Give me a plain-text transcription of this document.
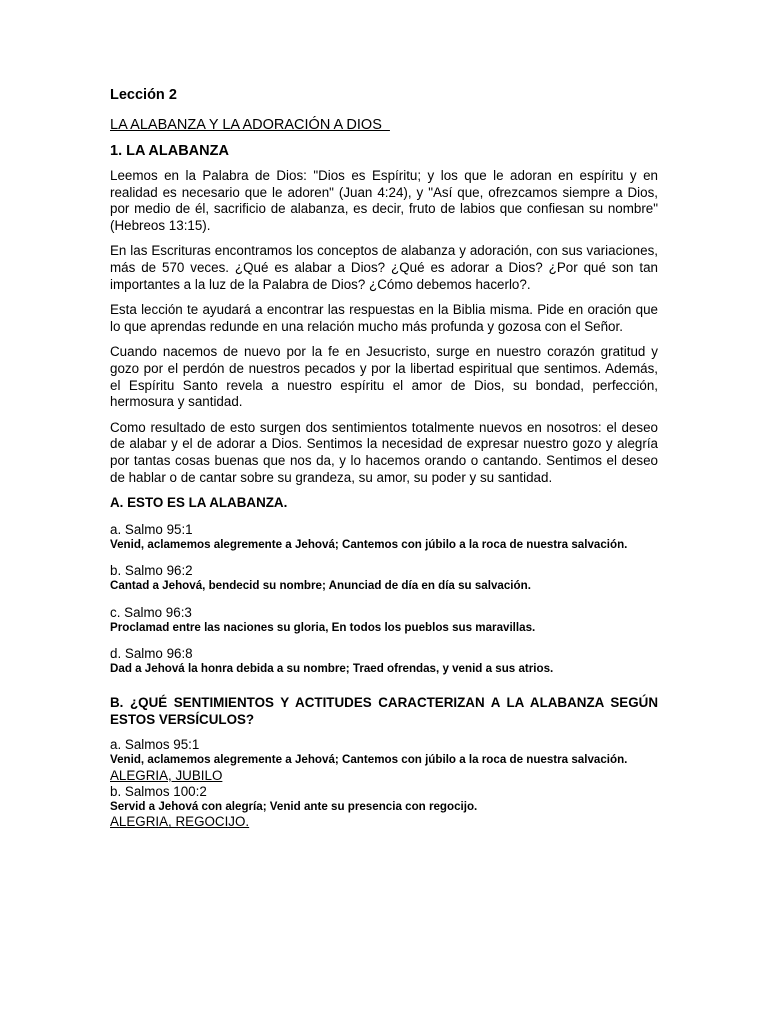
Lección 2
LA ALABANZA Y LA ADORACIÓN A DIOS
1. LA ALABANZA

Leemos en la Palabra de Dios: "Dios es Espíritu; y los que le adoran en espíritu y en realidad es necesario que le adoren" (Juan 4:24), y "Así que, ofrezcamos siempre a Dios, por medio de él, sacrificio de alabanza, es decir, fruto de labios que confiesan su nombre" (Hebreos 13:15).

En las Escrituras encontramos los conceptos de alabanza y adoración, con sus variaciones, más de 570 veces. ¿Qué es alabar a Dios? ¿Qué es adorar a Dios? ¿Por qué son tan importantes a la luz de la Palabra de Dios? ¿Cómo debemos hacerlo?.

Esta lección te ayudará a encontrar las respuestas en la Biblia misma. Pide en oración que lo que aprendas redunde en una relación mucho más profunda y gozosa con el Señor.

Cuando nacemos de nuevo por la fe en Jesucristo, surge en nuestro corazón gratitud y gozo por el perdón de nuestros pecados y por la libertad espiritual que sentimos. Además, el Espíritu Santo revela a nuestro espíritu el amor de Dios, su bondad, perfección, hermosura y santidad.

Como resultado de esto surgen dos sentimientos totalmente nuevos en nosotros: el deseo de alabar y el de adorar a Dios. Sentimos la necesidad de expresar nuestro gozo y alegría por tantas cosas buenas que nos da, y lo hacemos orando o cantando. Sentimos el deseo de hablar o de cantar sobre su grandeza, su amor, su poder y su santidad.

A. ESTO ES LA ALABANZA.
a. Salmo 95:1
Venid, aclamemos alegremente a Jehová; Cantemos con júbilo a la roca de nuestra salvación.
b. Salmo 96:2
Cantad a Jehová, bendecid su nombre; Anunciad de día en día su salvación.
c. Salmo 96:3
Proclamad entre las naciones su gloria, En todos los pueblos sus maravillas.
d. Salmo 96:8
Dad a Jehová la honra debida a su nombre; Traed ofrendas, y venid a sus atrios.
B. ¿QUÉ SENTIMIENTOS Y ACTITUDES CARACTERIZAN A LA ALABANZA SEGÚN ESTOS VERSÍCULOS?
a. Salmos 95:1
Venid, aclamemos alegremente a Jehová; Cantemos con júbilo a la roca de nuestra salvación.
ALEGRIA, JUBILO
b. Salmos 100:2
Servid a Jehová con alegría; Venid ante su presencia con regocijo.
ALEGRIA, REGOCIJO.
